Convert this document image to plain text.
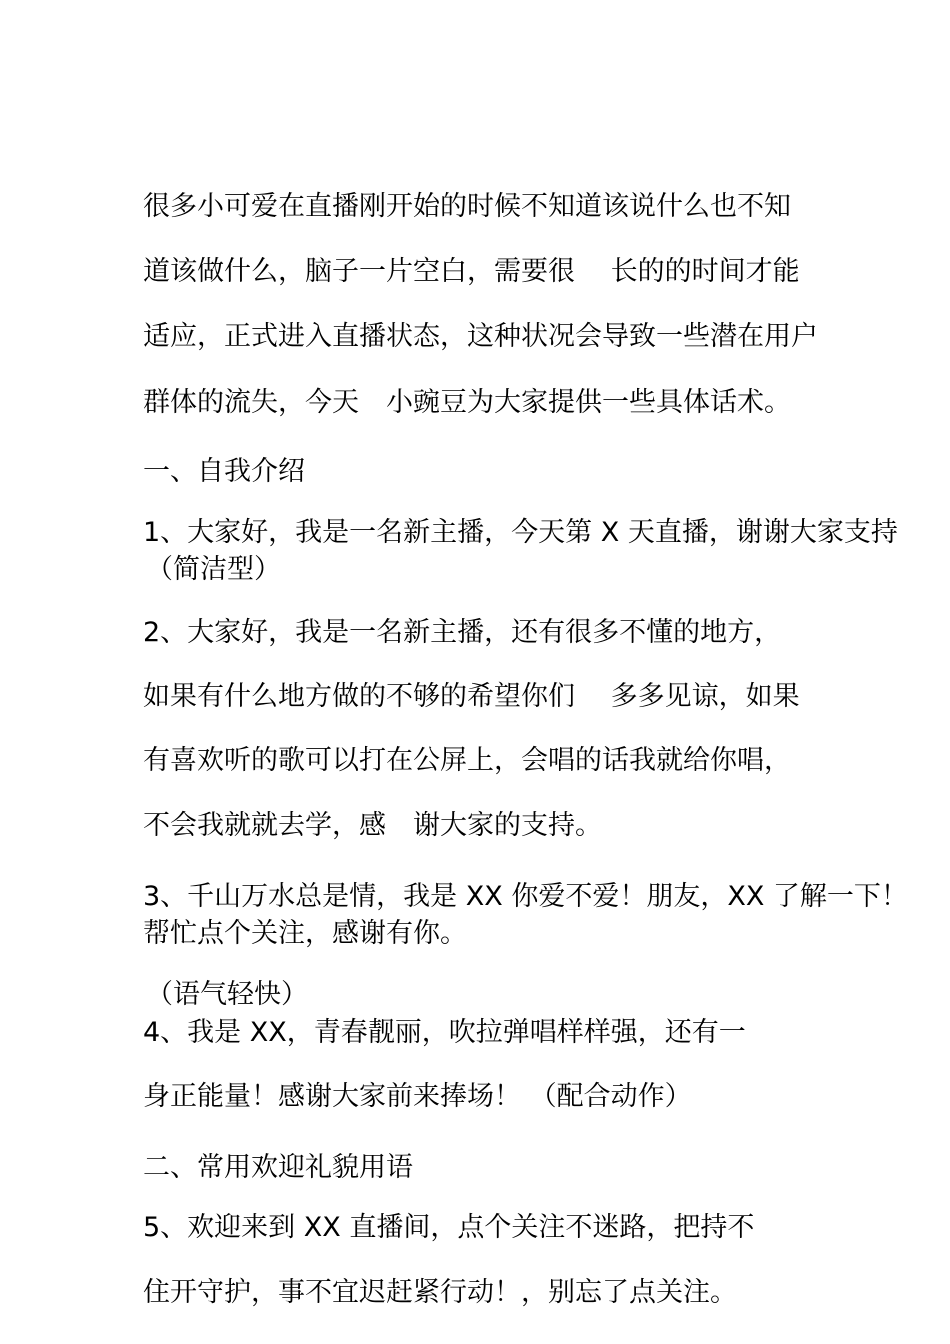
很多小可爱在直播刚开始的时候不知道该说什么也不知
道该做什么，脑子一片空白，需要很　 长的的时间才能
适应，正式进入直播状态，这种状况会导致一些潜在用户
群体的流失，今天　小豌豆为大家提供一些具体话术。
一、自我介绍
1、大家好，我是一名新主播，今天第 X 天直播，谢谢大家支持
（简洁型）
2、大家好，我是一名新主播，还有很多不懂的地方，
如果有什么地方做的不够的希望你们　 多多见谅，如果
有喜欢听的歌可以打在公屏上，会唱的话我就给你唱，
不会我就就去学，感　谢大家的支持。
3、千山万水总是情，我是 XX 你爱不爱！朋友，XX 了解一下！
帮忙点个关注，感谢有你。
（语气轻快）
4、我是 XX，青春靓丽，吹拉弹唱样样强，还有一
身正能量！感谢大家前来捧场！ （配合动作）
二、常用欢迎礼貌用语
5、欢迎来到 XX 直播间，点个关注不迷路，把持不
住开守护，事不宜迟赶紧行动！，别忘了点关注。
